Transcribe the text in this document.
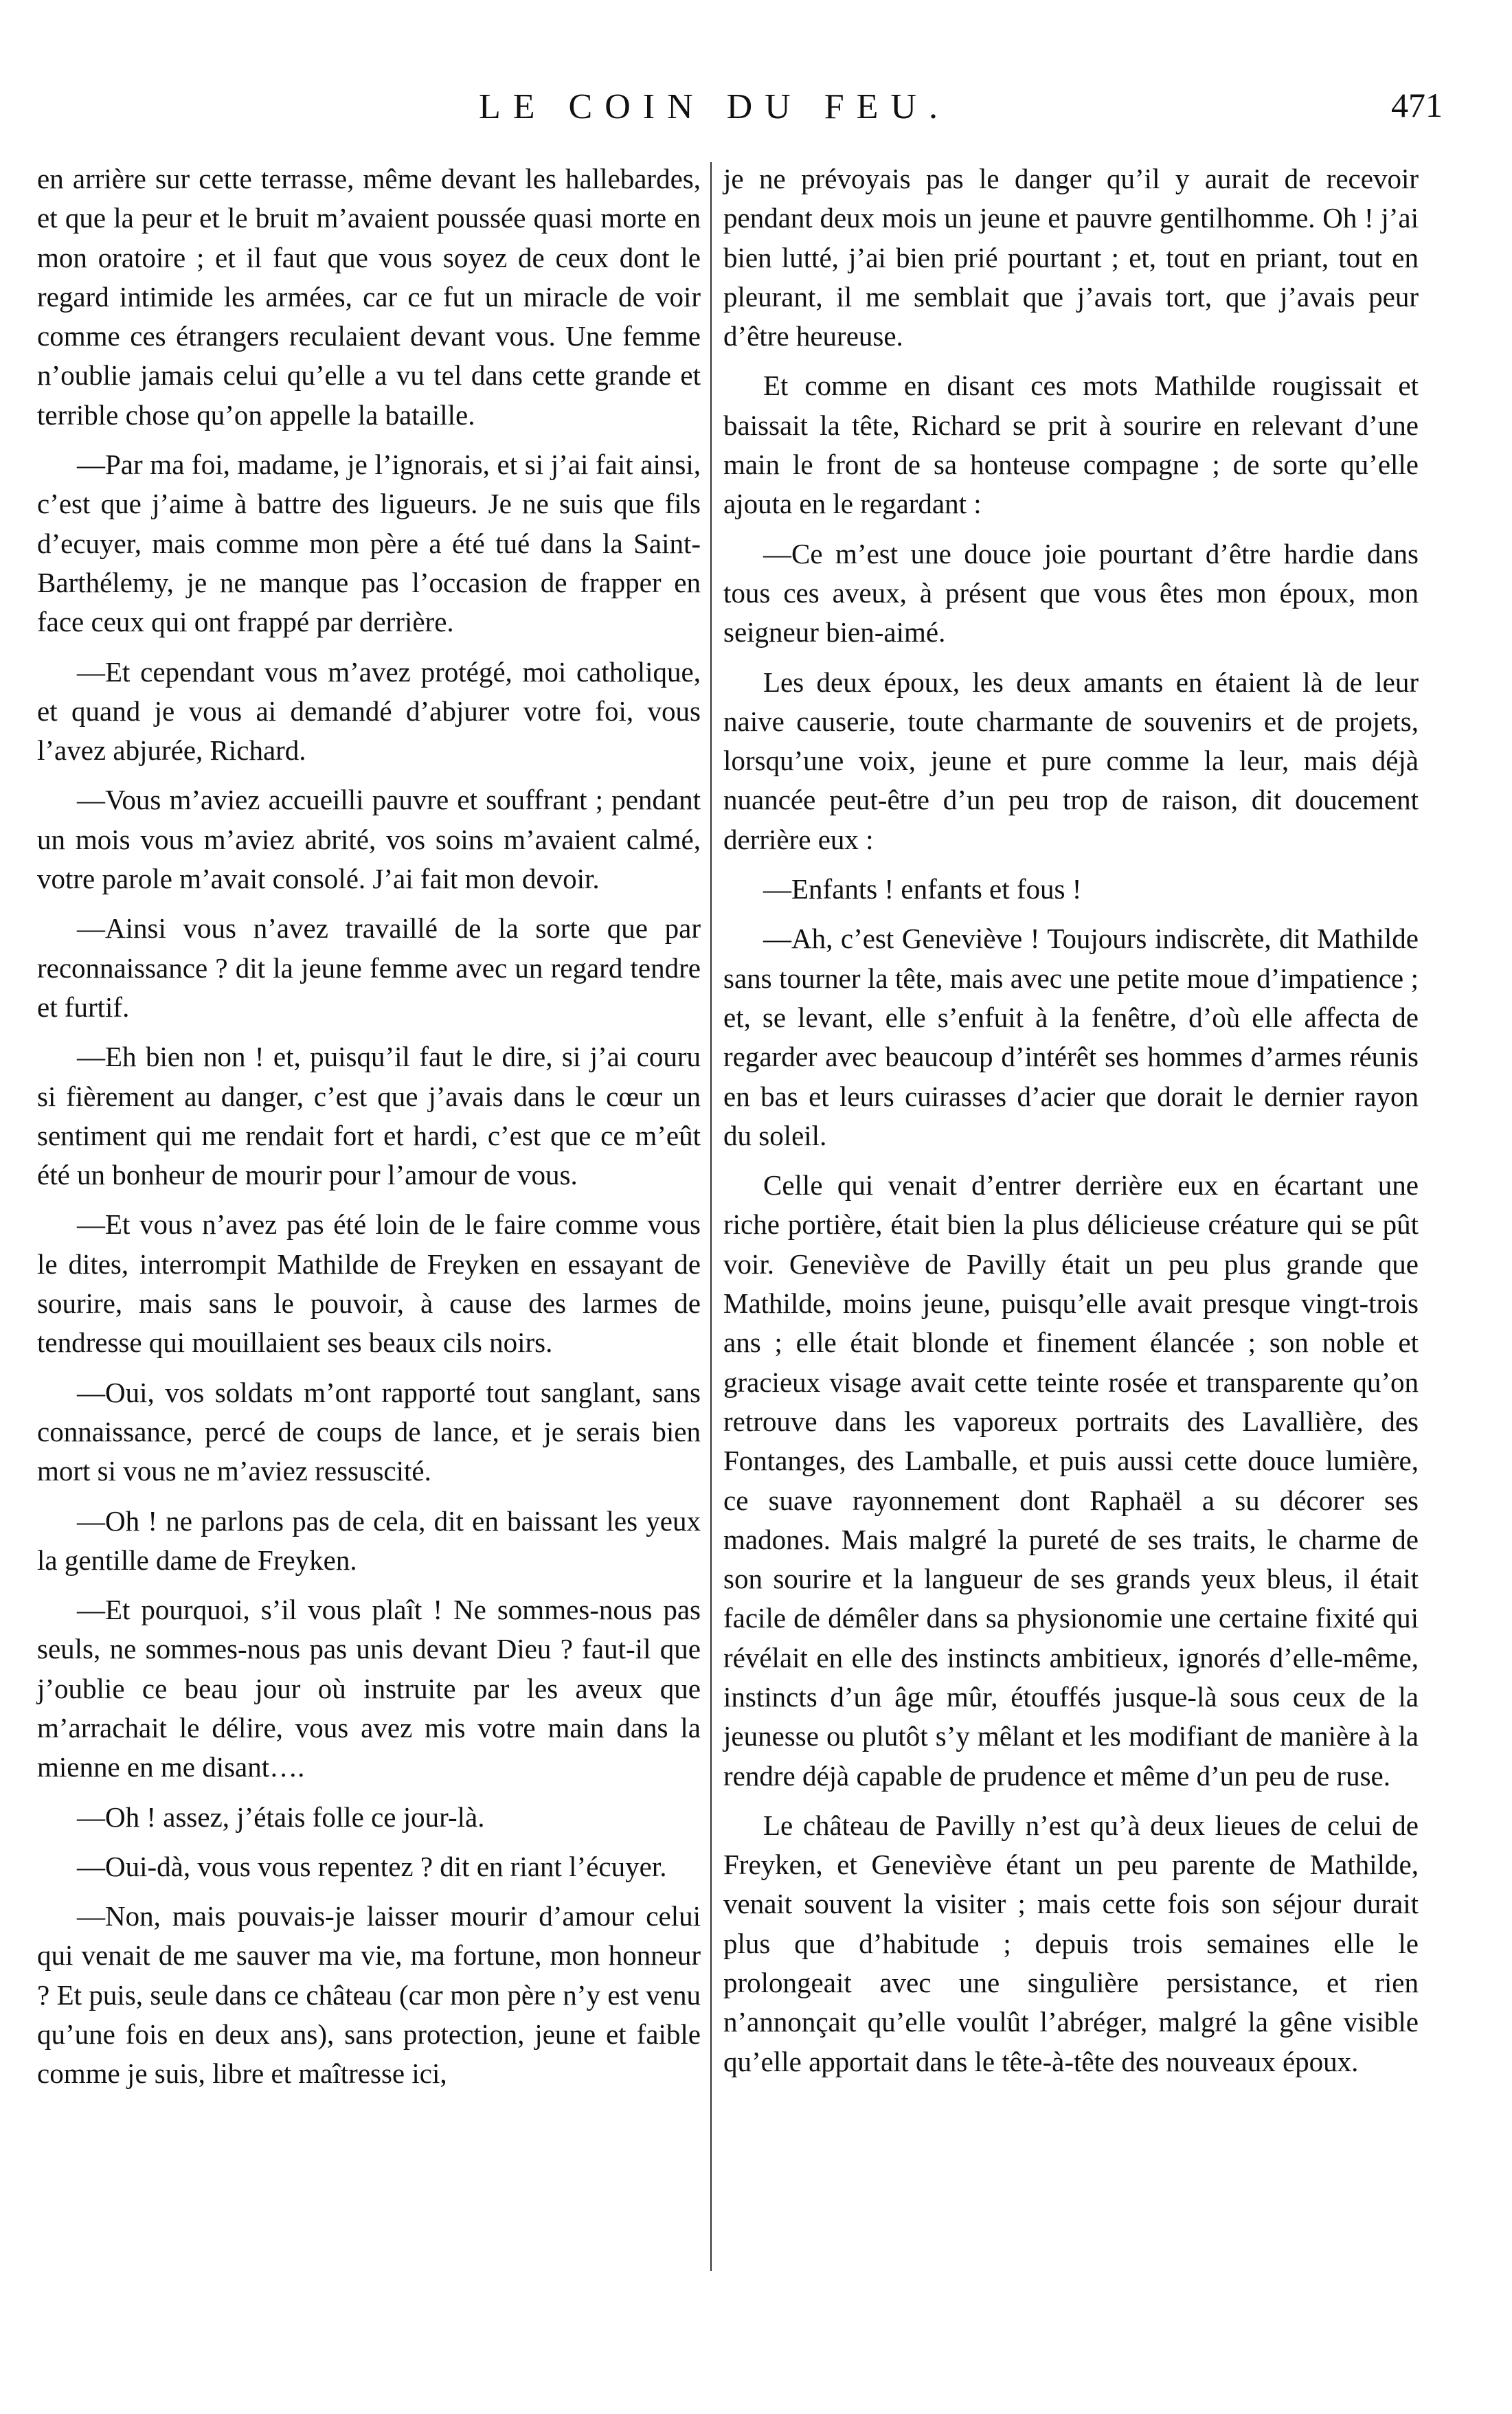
LE COIN DU FEU.	471

en arrière sur cette terrasse, même devant les hallebardes, et que la peur et le bruit m’avaient poussée quasi morte en mon oratoire ; et il faut que vous soyez de ceux dont le regard intimide les armées, car ce fut un miracle de voir comme ces étrangers reculaient devant vous. Une femme n’oublie jamais celui qu’elle a vu tel dans cette grande et terrible chose qu’on appelle la bataille.

—Par ma foi, madame, je l’ignorais, et si j’ai fait ainsi, c’est que j’aime à battre des ligueurs. Je ne suis que fils d’ecuyer, mais comme mon père a été tué dans la Saint-Barthélemy, je ne manque pas l’occasion de frapper en face ceux qui ont frappé par derrière.

—Et cependant vous m’avez protégé, moi catholique, et quand je vous ai demandé d’abjurer votre foi, vous l’avez abjurée, Richard.

—Vous m’aviez accueilli pauvre et souffrant ; pendant un mois vous m’aviez abrité, vos soins m’avaient calmé, votre parole m’avait consolé. J’ai fait mon devoir.

—Ainsi vous n’avez travaillé de la sorte que par reconnaissance ? dit la jeune femme avec un regard tendre et furtif.

—Eh bien non ! et, puisqu’il faut le dire, si j’ai couru si fièrement au danger, c’est que j’avais dans le cœur un sentiment qui me rendait fort et hardi, c’est que ce m’eût été un bonheur de mourir pour l’amour de vous.

—Et vous n’avez pas été loin de le faire comme vous le dites, interrompit Mathilde de Freyken en essayant de sourire, mais sans le pouvoir, à cause des larmes de tendresse qui mouillaient ses beaux cils noirs.

—Oui, vos soldats m’ont rapporté tout sanglant, sans connaissance, percé de coups de lance, et je serais bien mort si vous ne m’aviez ressuscité.

—Oh ! ne parlons pas de cela, dit en baissant les yeux la gentille dame de Freyken.

—Et pourquoi, s’il vous plaît ! Ne sommes-nous pas seuls, ne sommes-nous pas unis devant Dieu ? faut-il que j’oublie ce beau jour où instruite par les aveux que m’arrachait le délire, vous avez mis votre main dans la mienne en me disant….

—Oh ! assez, j’étais folle ce jour-là.

—Oui-dà, vous vous repentez ? dit en riant l’écuyer.

—Non, mais pouvais-je laisser mourir d’amour celui qui venait de me sauver ma vie, ma fortune, mon honneur ? Et puis, seule dans ce château (car mon père n’y est venu qu’une fois en deux ans), sans protection, jeune et faible comme je suis, libre et maîtresse ici,

je ne prévoyais pas le danger qu’il y aurait de recevoir pendant deux mois un jeune et pauvre gentilhomme. Oh ! j’ai bien lutté, j’ai bien prié pourtant ; et, tout en priant, tout en pleurant, il me semblait que j’avais tort, que j’avais peur d’être heureuse.

Et comme en disant ces mots Mathilde rougissait et baissait la tête, Richard se prit à sourire en relevant d’une main le front de sa honteuse compagne ; de sorte qu’elle ajouta en le regardant :

—Ce m’est une douce joie pourtant d’être hardie dans tous ces aveux, à présent que vous êtes mon époux, mon seigneur bien-aimé.

Les deux époux, les deux amants en étaient là de leur naive causerie, toute charmante de souvenirs et de projets, lorsqu’une voix, jeune et pure comme la leur, mais déjà nuancée peut-être d’un peu trop de raison, dit doucement derrière eux :

—Enfants ! enfants et fous !

—Ah, c’est Geneviève ! Toujours indiscrète, dit Mathilde sans tourner la tête, mais avec une petite moue d’impatience ; et, se levant, elle s’enfuit à la fenêtre, d’où elle affecta de regarder avec beaucoup d’intérêt ses hommes d’armes réunis en bas et leurs cuirasses d’acier que dorait le dernier rayon du soleil.

Celle qui venait d’entrer derrière eux en écartant une riche portière, était bien la plus délicieuse créature qui se pût voir. Geneviève de Pavilly était un peu plus grande que Mathilde, moins jeune, puisqu’elle avait presque vingt-trois ans ; elle était blonde et finement élancée ; son noble et gracieux visage avait cette teinte rosée et transparente qu’on retrouve dans les vaporeux portraits des Lavallière, des Fontanges, des Lamballe, et puis aussi cette douce lumière, ce suave rayonnement dont Raphaël a su décorer ses madones. Mais malgré la pureté de ses traits, le charme de son sourire et la langueur de ses grands yeux bleus, il était facile de démêler dans sa physionomie une certaine fixité qui révélait en elle des instincts ambitieux, ignorés d’elle-même, instincts d’un âge mûr, étouffés jusque-là sous ceux de la jeunesse ou plutôt s’y mêlant et les modifiant de manière à la rendre déjà capable de prudence et même d’un peu de ruse.

Le château de Pavilly n’est qu’à deux lieues de celui de Freyken, et Geneviève étant un peu parente de Mathilde, venait souvent la visiter ; mais cette fois son séjour durait plus que d’habitude ; depuis trois semaines elle le prolongeait avec une singulière persistance, et rien n’annonçait qu’elle voulût l’abréger, malgré la gêne visible qu’elle apportait dans le tête-à-tête des nouveaux époux.
